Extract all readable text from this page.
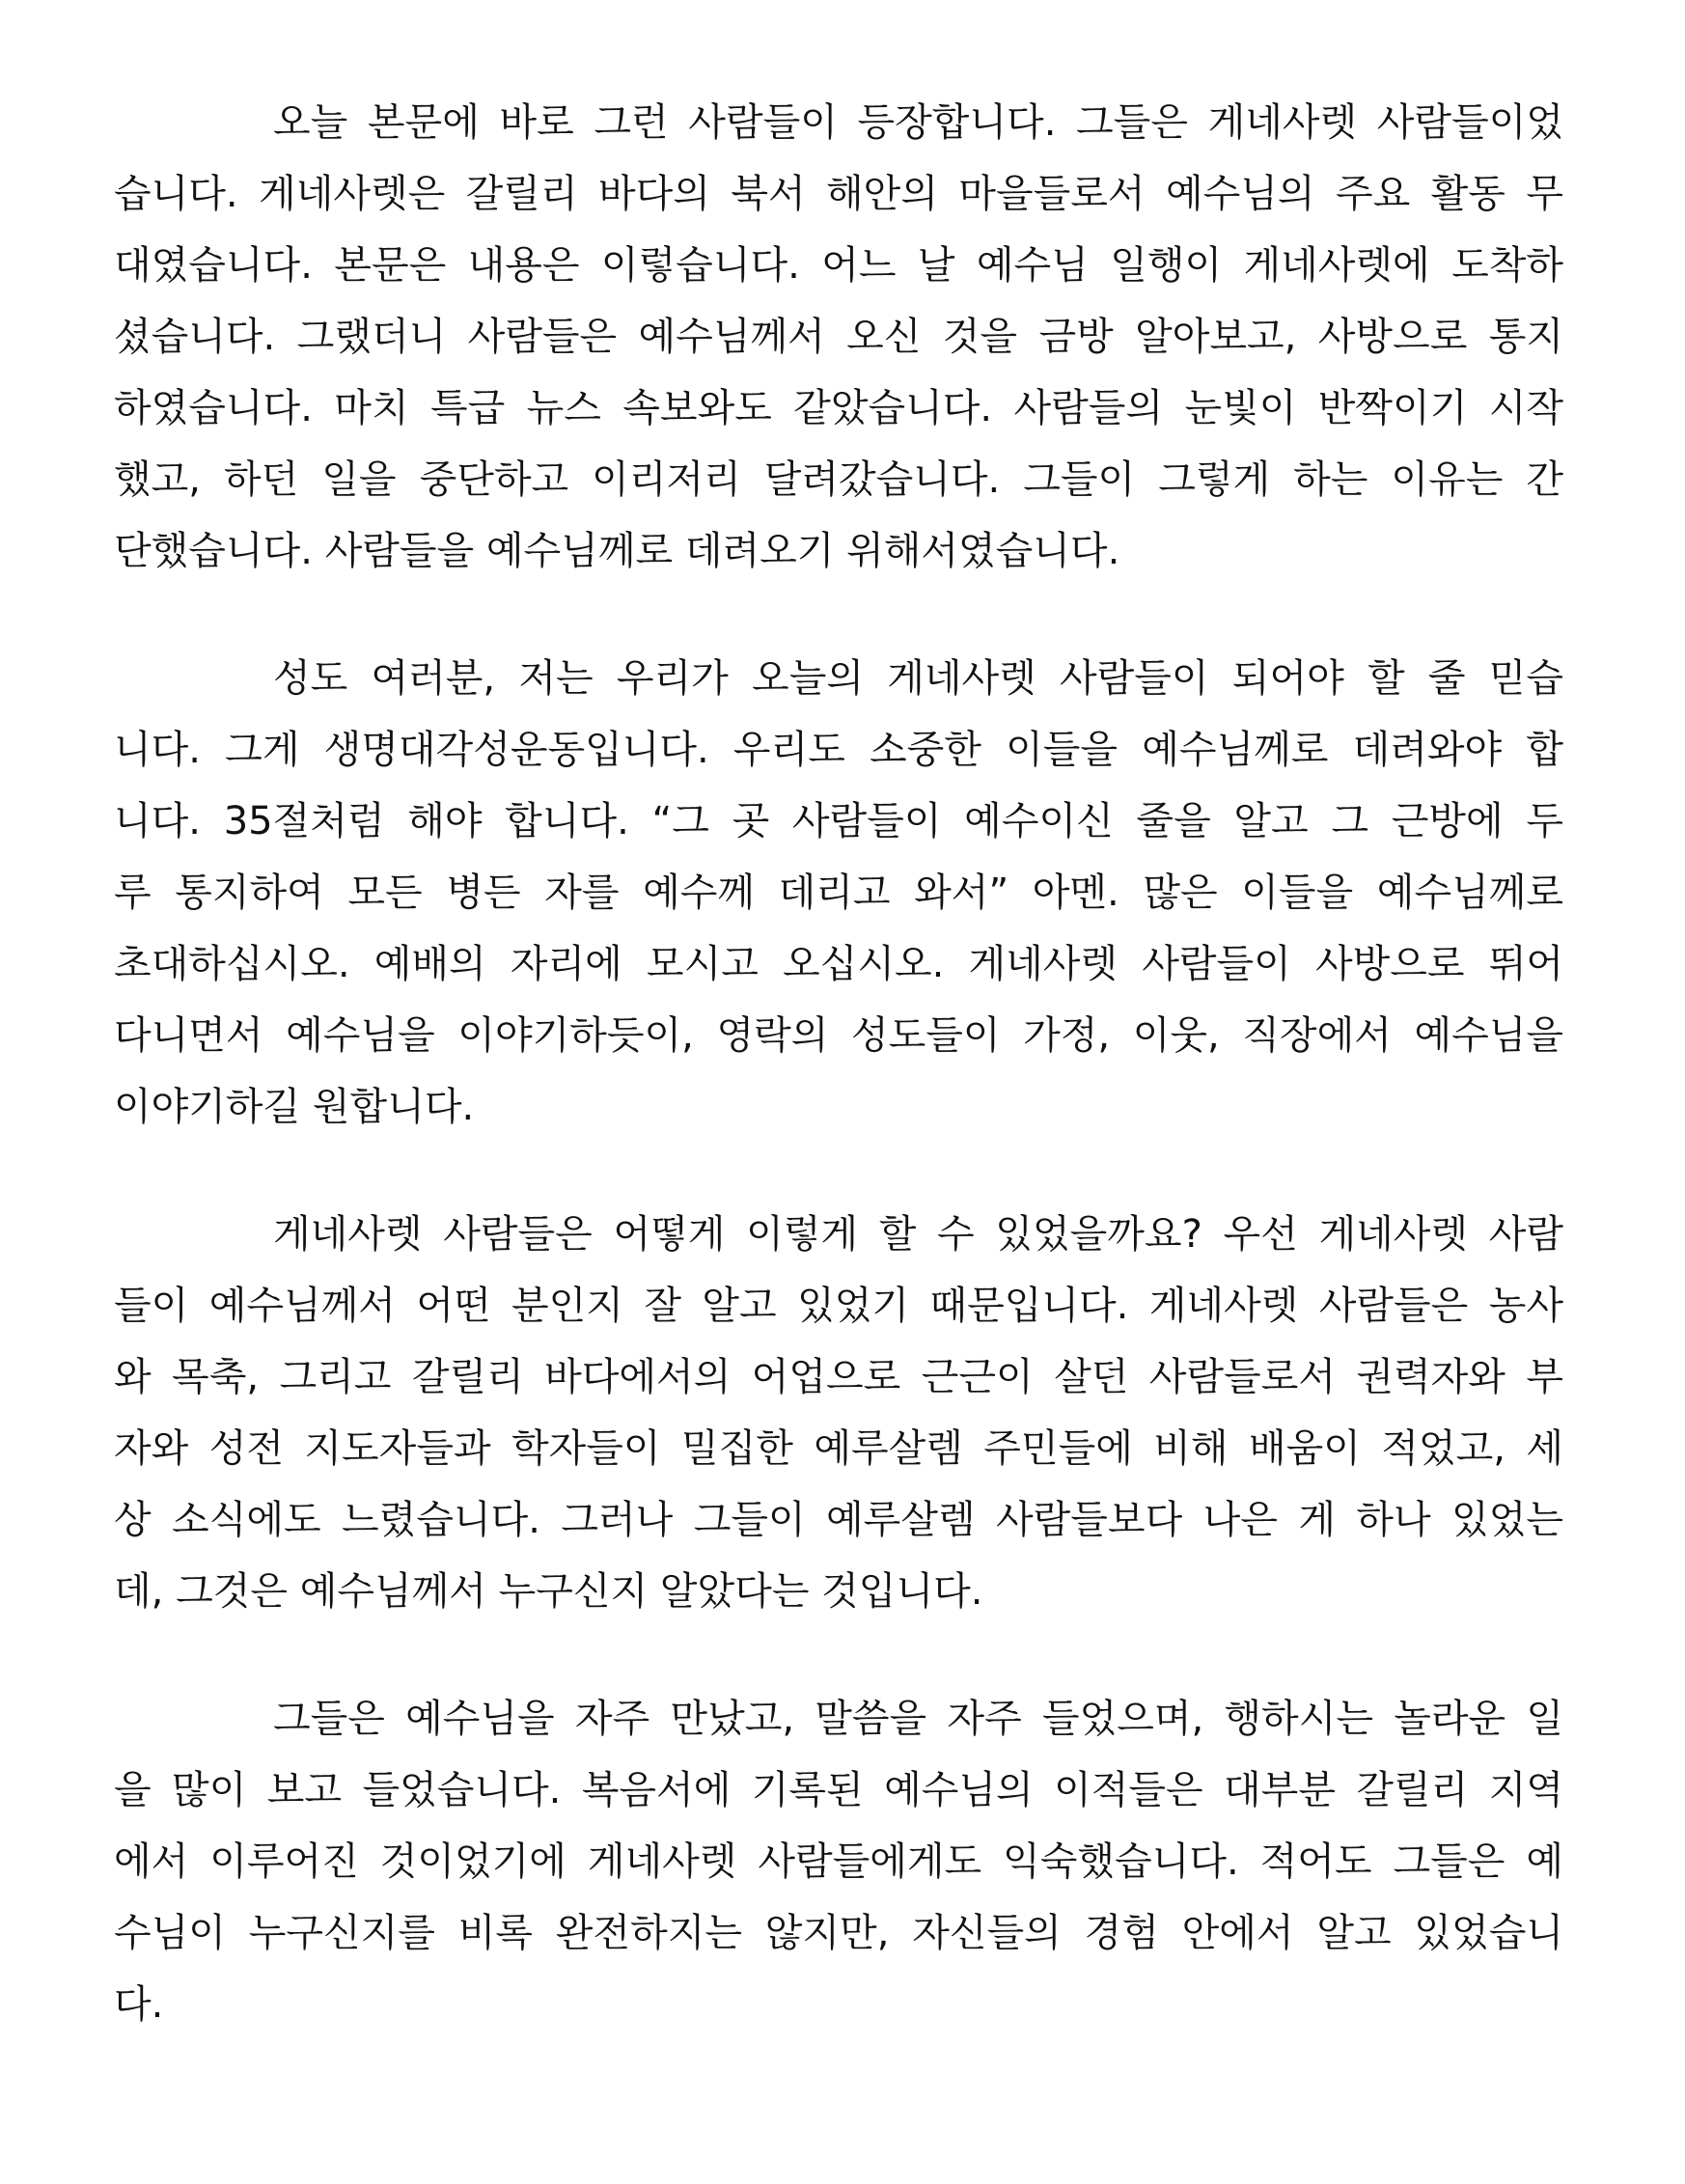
오늘 본문에 바로 그런 사람들이 등장합니다. 그들은 게네사렛 사람들이었
습니다. 게네사렛은 갈릴리 바다의 북서 해안의 마을들로서 예수님의 주요 활동 무
대였습니다. 본문은 내용은 이렇습니다. 어느 날 예수님 일행이 게네사렛에 도착하
셨습니다. 그랬더니 사람들은 예수님께서 오신 것을 금방 알아보고, 사방으로 통지
하였습니다. 마치 특급 뉴스 속보와도 같았습니다. 사람들의 눈빛이 반짝이기 시작
했고, 하던 일을 중단하고 이리저리 달려갔습니다. 그들이 그렇게 하는 이유는 간
단했습니다. 사람들을 예수님께로 데려오기 위해서였습니다.
성도 여러분, 저는 우리가 오늘의 게네사렛 사람들이 되어야 할 줄 믿습
니다. 그게 생명대각성운동입니다. 우리도 소중한 이들을 예수님께로 데려와야 합
니다. 35절처럼 해야 합니다. “그 곳 사람들이 예수이신 줄을 알고 그 근방에 두
루 통지하여 모든 병든 자를 예수께 데리고 와서” 아멘. 많은 이들을 예수님께로
초대하십시오. 예배의 자리에 모시고 오십시오. 게네사렛 사람들이 사방으로 뛰어
다니면서 예수님을 이야기하듯이, 영락의 성도들이 가정, 이웃, 직장에서 예수님을
이야기하길 원합니다.
게네사렛 사람들은 어떻게 이렇게 할 수 있었을까요? 우선 게네사렛 사람
들이 예수님께서 어떤 분인지 잘 알고 있었기 때문입니다. 게네사렛 사람들은 농사
와 목축, 그리고 갈릴리 바다에서의 어업으로 근근이 살던 사람들로서 권력자와 부
자와 성전 지도자들과 학자들이 밀집한 예루살렘 주민들에 비해 배움이 적었고, 세
상 소식에도 느렸습니다. 그러나 그들이 예루살렘 사람들보다 나은 게 하나 있었는
데, 그것은 예수님께서 누구신지 알았다는 것입니다.
그들은 예수님을 자주 만났고, 말씀을 자주 들었으며, 행하시는 놀라운 일
을 많이 보고 들었습니다. 복음서에 기록된 예수님의 이적들은 대부분 갈릴리 지역
에서 이루어진 것이었기에 게네사렛 사람들에게도 익숙했습니다. 적어도 그들은 예
수님이 누구신지를 비록 완전하지는 않지만, 자신들의 경험 안에서 알고 있었습니
다.
